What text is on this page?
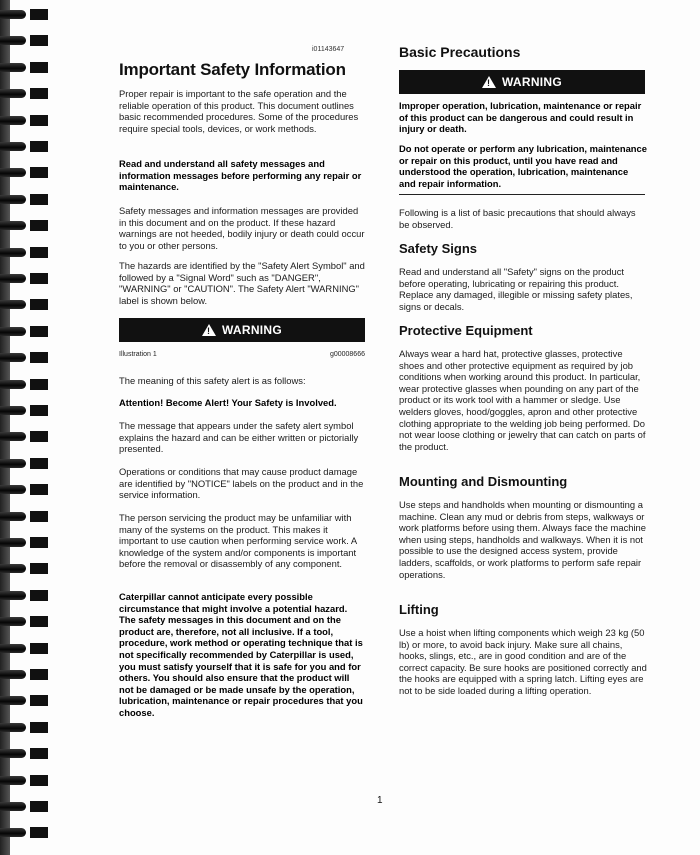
i01143647
Important Safety Information

Proper repair is important to the safe operation and the reliable operation of this product. This document outlines basic recommended procedures. Some of the procedures require special tools, devices, or work methods.

Read and understand all safety messages and information messages before performing any repair or maintenance.

Safety messages and information messages are provided in this document and on the product. If these hazard warnings are not heeded, bodily injury or death could occur to you or other persons.

The hazards are identified by the "Safety Alert Symbol" and followed by a "Signal Word" such as "DANGER", "WARNING" or "CAUTION". The Safety Alert "WARNING" label is shown below.

! WARNING
Illustration 1	g00008666

The meaning of this safety alert is as follows:

Attention! Become Alert! Your Safety is Involved.

The message that appears under the safety alert symbol explains the hazard and can be either written or pictorially presented.

Operations or conditions that may cause product damage are identified by "NOTICE" labels on the product and in the service information.

The person servicing the product may be unfamiliar with many of the systems on the product. This makes it important to use caution when performing service work. A knowledge of the system and/or components is important before the removal or disassembly of any component.

Caterpillar cannot anticipate every possible circumstance that might involve a potential hazard. The safety messages in this document and on the product are, therefore, not all inclusive. If a tool, procedure, work method or operating technique that is not specifically recommended by Caterpillar is used, you must satisfy yourself that it is safe for you and for others. You should also ensure that the product will not be damaged or be made unsafe by the operation, lubrication, maintenance or repair procedures that you choose.

Basic Precautions
! WARNING

Improper operation, lubrication, maintenance or repair of this product can be dangerous and could result in injury or death.

Do not operate or perform any lubrication, maintenance or repair on this product, until you have read and understood the operation, lubrication, maintenance and repair information.

Following is a list of basic precautions that should always be observed.

Safety Signs

Read and understand all "Safety" signs on the product before operating, lubricating or repairing this product. Replace any damaged, illegible or missing safety plates, signs or decals.

Protective Equipment

Always wear a hard hat, protective glasses, protective shoes and other protective equipment as required by job conditions when working around this product. In particular, wear protective glasses when pounding on any part of the product or its work tool with a hammer or sledge. Use welders gloves, hood/goggles, apron and other protective clothing appropriate to the welding job being performed. Do not wear loose clothing or jewelry that can catch on parts of the product.

Mounting and Dismounting

Use steps and handholds when mounting or dismounting a machine. Clean any mud or debris from steps, walkways or work platforms before using them. Always face the machine when using steps, handholds and walkways. When it is not possible to use the designed access system, provide ladders, scaffolds, or work platforms to perform safe repair operations.

Lifting

Use a hoist when lifting components which weigh 23 kg (50 lb) or more, to avoid back injury. Make sure all chains, hooks, slings, etc., are in good condition and are of the correct capacity. Be sure hooks are positioned correctly and the hooks are equipped with a spring latch. Lifting eyes are not to be side loaded during a lifting operation.

1
